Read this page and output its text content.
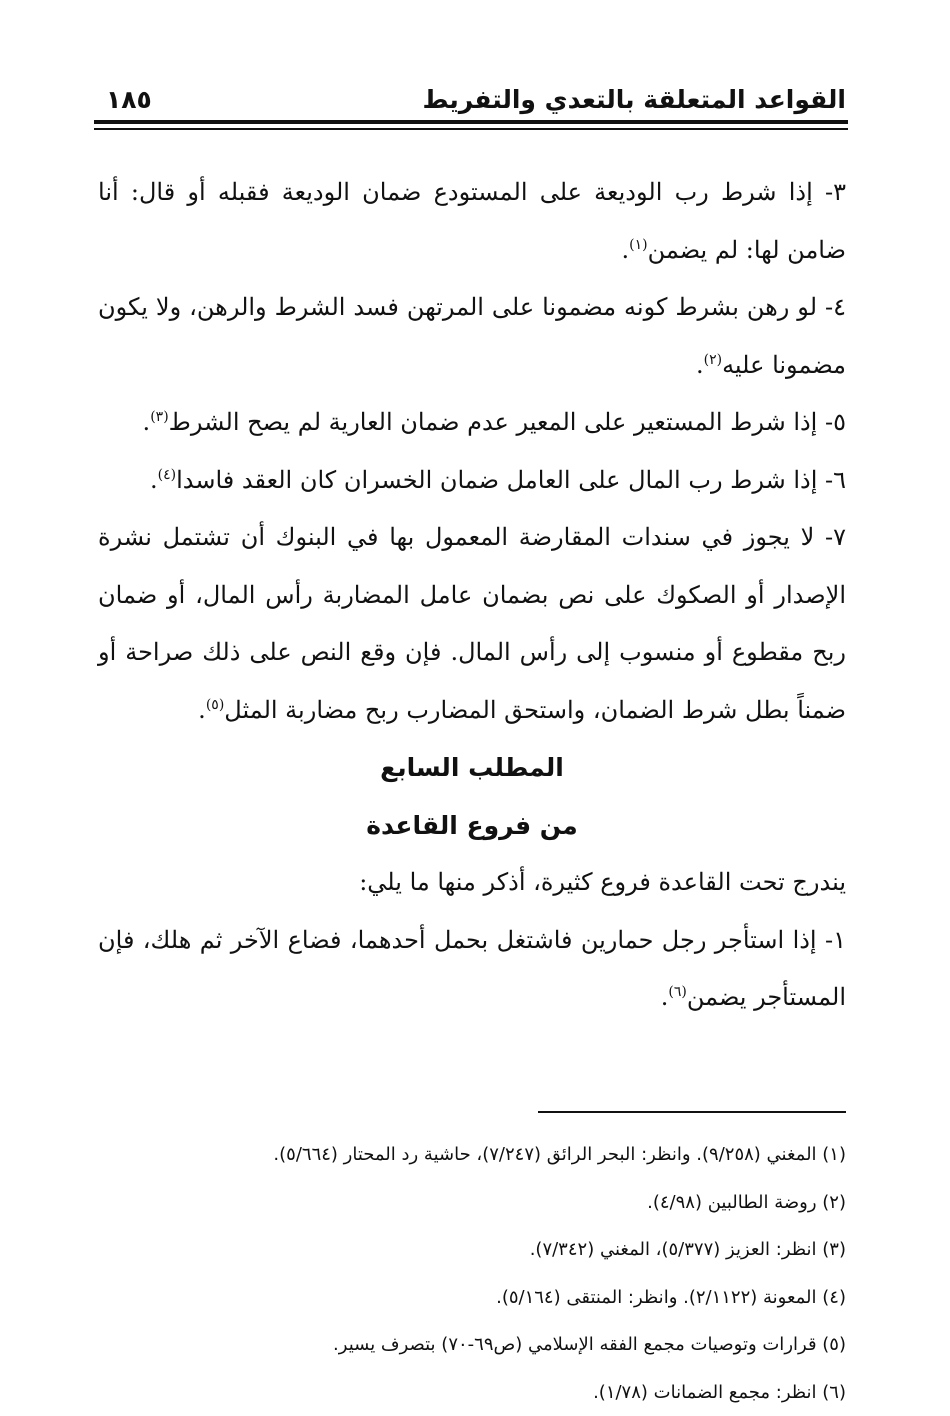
القواعد المتعلقة بالتعدي والتفريط
١٨٥

٣- إذا شرط رب الوديعة على المستودع ضمان الوديعة فقبله أو قال: أنا ضامن لها: لم يضمن$^{(١)}$.

٤- لو رهن بشرط كونه مضمونا على المرتهن فسد الشرط والرهن، ولا يكون مضمونا عليه$^{(٢)}$.

٥- إذا شرط المستعير على المعير عدم ضمان العارية لم يصح الشرط$^{(٣)}$.

٦- إذا شرط رب المال على العامل ضمان الخسران كان العقد فاسدا$^{(٤)}$.

٧- لا يجوز في سندات المقارضة المعمول بها في البنوك أن تشتمل نشرة الإصدار أو الصكوك على نص بضمان عامل المضاربة رأس المال، أو ضمان ربح مقطوع أو منسوب إلى رأس المال. فإن وقع النص على ذلك صراحة أو ضمناً بطل شرط الضمان، واستحق المضارب ربح مضاربة المثل$^{(٥)}$.

المطلب السابع

من فروع القاعدة

يندرج تحت القاعدة فروع كثيرة، أذكر منها ما يلي:

١- إذا استأجر رجل حمارين فاشتغل بحمل أحدهما، فضاع الآخر ثم هلك، فإن المستأجر يضمن$^{(٦)}$.

(١) المغني (٩/٢٥٨). وانظر: البحر الرائق (٧/٢٤٧)، حاشية رد المحتار (٥/٦٦٤).

(٢) روضة الطالبين (٤/٩٨).

(٣) انظر: العزيز (٥/٣٧٧)، المغني (٧/٣٤٢).

(٤) المعونة (٢/١١٢٢). وانظر: المنتقى (٥/١٦٤).

(٥) قرارات وتوصيات مجمع الفقه الإسلامي (ص٦٩-٧٠) بتصرف يسير.

(٦) انظر: مجمع الضمانات (١/٧٨).
